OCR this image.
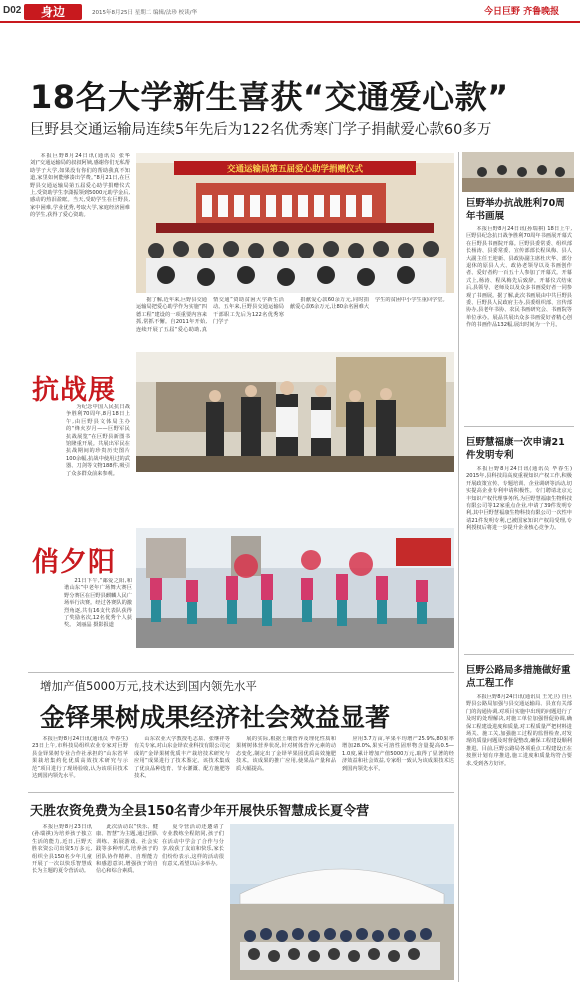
D02	身边	2015年8月25日 星期二 编辑/法珍 校读/华	今日巨野 齐鲁晚报
18名大学新生喜获“交通爱心款”
巨野县交通运输局连续5年先后为122名优秀寒门学子捐献爱心款60多万

本报巨野8月24日讯(通讯员 张华 刘)“交通运输局的叔叔阿姨,感谢你们无私帮助学子大学,如果没有你们的帮助我真不知道,家里如何能够凑出学费。”8月21日,在巨野县交通运输局第五届爱心助学捐赠仪式上,受资助学生李潇振领到5000元助学金后,感动的热泪盈眶。当天,受助学生在巨野县,家中困难,学业优秀,考取大学,家庭经济困难的学生,获得了爱心资助。

交通运输局第五届爱心助学捐赠仪式

据了解,近年来,巨野县交通运输局把爱心助学作为实施“四德工程”建设的一项重要内容来抓,常抓不懈。自2011年开始,连续开展了五届“爱心助助,真情交通”资助贫困大学新生活动。五年来,巨野县交通运输局干部职工先后为122名优秀寒门学子

捐献爱心款60余万元,同时捐献爱心款6余万元,让80余名困难大学生的贫困中小学生重回学堂。

抗战展

为纪念中国人民抗日战争胜利70周年,8月18日上午,由巨野县文体局主办的“烽火岁月——巨野军民抗战展览”在巨野县新图书馆隆重开展。共展出军民在抗战期间的珍贵历史图片100余幅,抗战中使用过的武器、刀剑等文物188件,吸引了众多群众前来参观。

俏夕阳

21日下午,“邮爱之阳,和谐山东”中老年广场舞大赛巨野分赛区在巨野县麒麟人民广场举行决赛。经过各赛队的激烈角逐,共有16支代表队获得了奖励名次,12名优秀个人获奖。 刘丽晶 摄影报道

巨野举办抗战胜利70周年书画展

本报巨野8月24日讯(孙瑞祺) 18日上午,巨野县纪念抗日战争胜利70周年书画展开幕式在巨野县书画院开幕。巨野县委常委、组织部长杨涛、县委常委、宣传部部长程凤梅、县人大副主任王迎新、县政协副主席杜庆华、部分退休的原县人大、政协老领导以及书画创作者、爱好者约一百五十人参加了开幕式。开幕式上,杨涛、程凤梅先后致辞。开幕仪式结束后,县领导、老师及以及众多书画爱好者一同参观了书画展。据了解,此次书画展由中共巨野县委、巨野县人民政府主办,县委组织部、宣传部协办,县老年书协、农民书画研究会、书画院等单位承办。展品共展出众多书画爱好者精心创作的书画作品132幅,展出时间为一个月。

巨野慧福康一次申请21件发明专利

本报巨野8月24日讯(通讯员 毕春生) 2015年,县科技局高度重视知识产权工作,积极开展政策宣传、专题培训、企业调研等活动,切实提高企业专利申请积极性。专门聘请北京元丰知识产权代理事务所,为巨野慧福康生物科技有限公司等12家重点企业,申请了39件发明专利,其中巨野慧福康生物科技有限公司一次性申请21件发明专利,已被国家知识产权局受理,专利授权后将进一步提升企业核心竞争力。

巨野公路局多措施做好重点工程工作

本报巨野8月24日讯(通讯员 王光卫) 自巨野县公路局加强与县交通运输局、县直有关部门的沟通协调,对项目实施中出现的问题进行了及时的处理解决,对施工单位加强督促协调,确保工程建设进度和质量,对工程质量严把材料进场关、施工关,加强施工过程的监督检查,对发现的质量问题及时督促整改,确保工程建设顺利推进。目前,巨野公路局各项重点工程建设正在按照计划有序推进,施工进度和质量均符合要求,受到各方好评。

增加产值5000万元,技术达到国内领先水平
金铎果树成果经济社会效益显著

本报巨野8月24日讯(通讯员 毕春生) 23日上午,市科技局组织农业专家对巨野县金铎果树专业合作社承担的“山东省苹果栽培集约化优质高效技术研究与示范”项目进行了现场验收,认为该项目技术达到国内领先水平。

山东农业大学教授毛志泉、张继祥等有关专家,对山东金铎农业科技有限公司完成的“金铎果树优质丰产栽培技术研究与应用”成果进行了技术鉴定。该技术集成了优良品种选育、节水灌溉、配方施肥等技术。

展的实际,根据土壤营养及理化性质和果树树体营养状况,针对树体营养元素的动态变化,制定出了金铎苹果园优质高效施肥技术。该成果的推广应用,使果品产量和品质大幅提高。

应用3.7万亩,苹果平均增产25.9%,80果率增加28.0%,果实可溶性固形物含量提高0.5—1.0度,累计增加产值5000万元,取得了显著的经济效益和社会效益,专家组一致认为该成果技术达到国内领先水平。

天胜农资免费为全县150名青少年开展快乐智慧成长夏令营

本报巨野8月23日讯(孙瑞祺)为培养孩子独立生活的能力,近日,巨野天胜农资公司出资5万多元,组织全县150名少年儿童开展了一次以快乐智慧成长为主题的夏令营活动。

此次活动以“快乐、健康、智慧”为主题,通过团队训练、拓展游戏、社会实践等多种形式,培养孩子的团队协作精神、自理能力和感恩意识,增强孩子的自信心和综合素质。

夏令营活动还邀请了专业教练全程陪同,孩子们在活动中学会了合作与分享,收获了友谊和快乐,家长们纷纷表示,这样的活动很有意义,希望以后多举办。
